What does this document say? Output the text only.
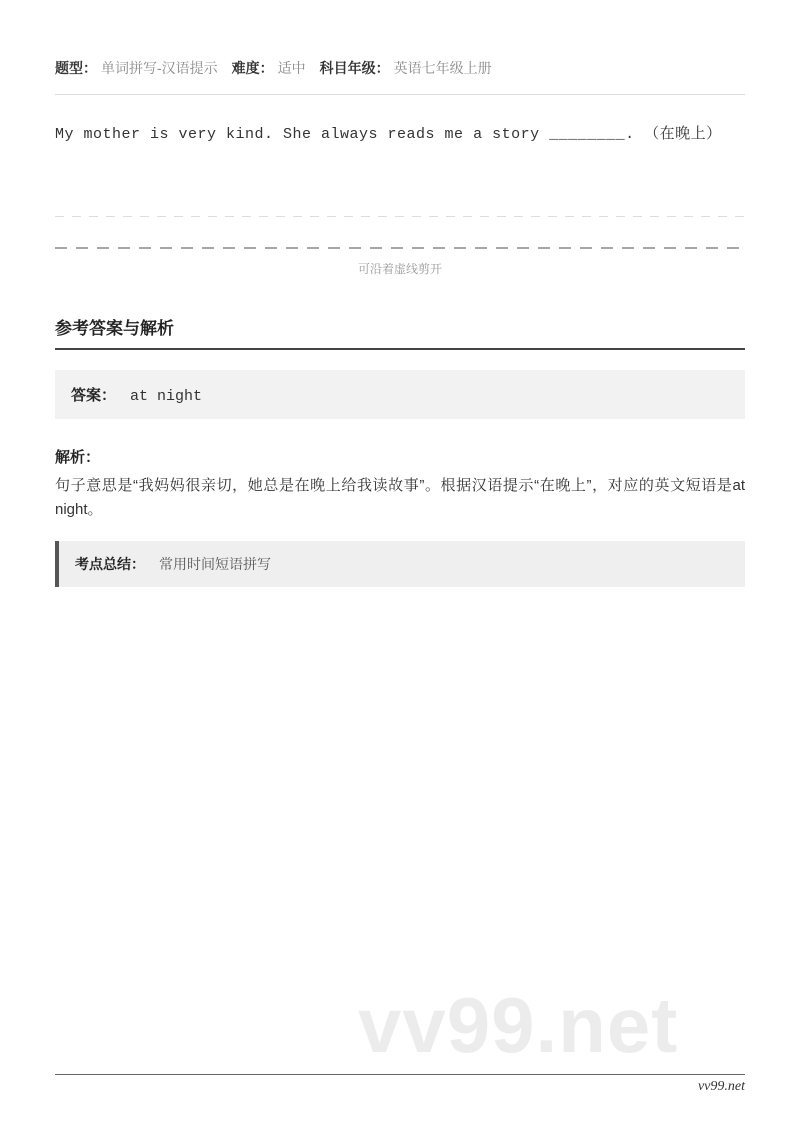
题型： 单词拼写-汉语提示 难度： 适中 科目年级： 英语七年级上册
My mother is very kind. She always reads me a story ________. （在晚上）
可沿着虚线剪开
参考答案与解析
答案： at night
解析：
句子意思是“我妈妈很亲切，她总是在晚上给我读故事”。根据汉语提示“在晚上”，对应的英文短语是at night。
考点总结： 常用时间短语拼写
vv99.net
vv99.net
